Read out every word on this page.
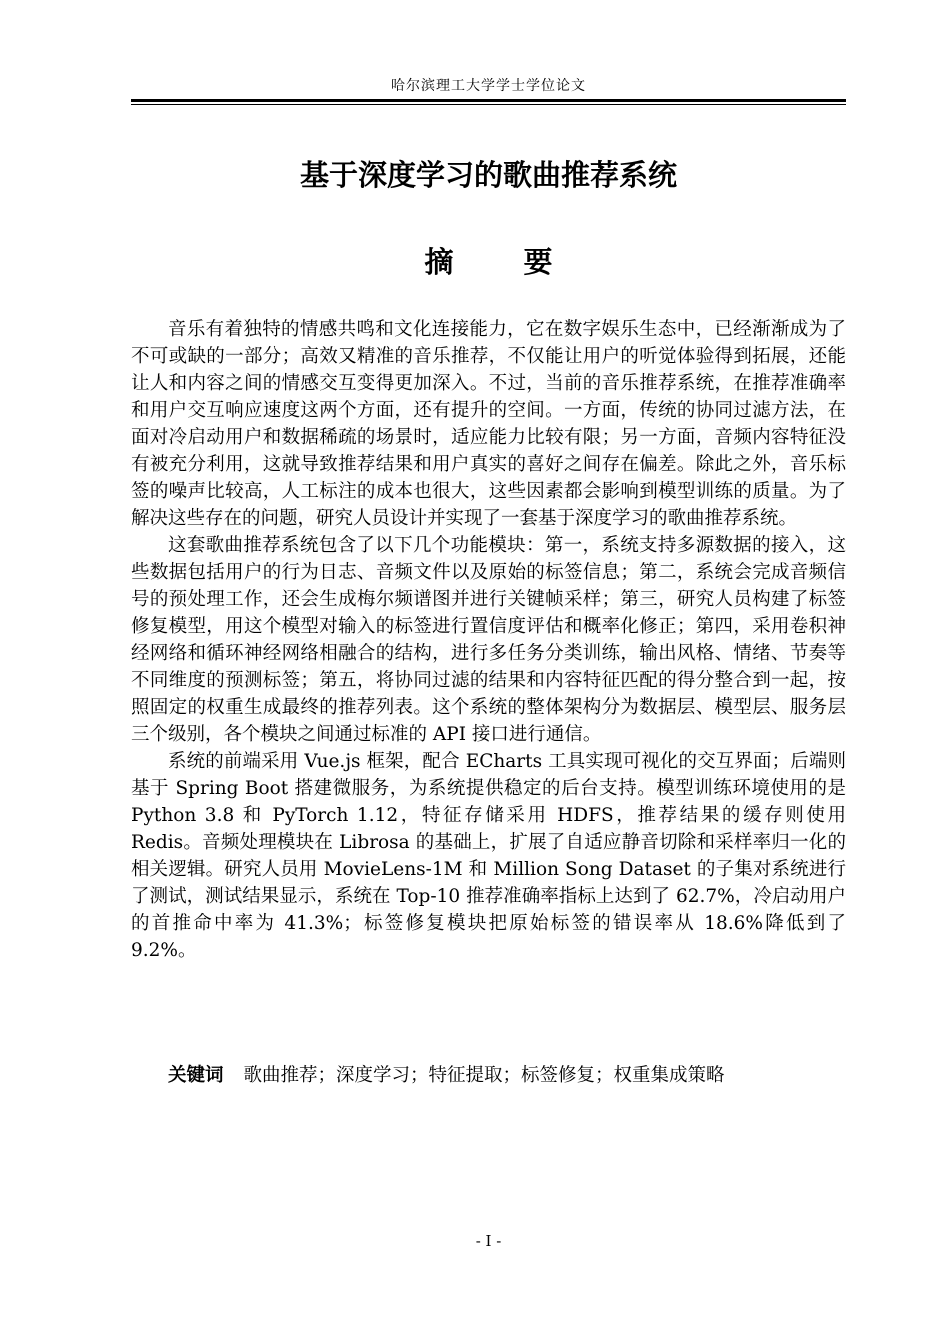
哈尔滨理工大学学士学位论文
基于深度学习的歌曲推荐系统
摘 要

音乐有着独特的情感共鸣和文化连接能力，它在数字娱乐生态中，已经渐渐成为了不可或缺的一部分；高效又精准的音乐推荐，不仅能让用户的听觉体验得到拓展，还能让人和内容之间的情感交互变得更加深入。不过，当前的音乐推荐系统，在推荐准确率和用户交互响应速度这两个方面，还有提升的空间。一方面，传统的协同过滤方法，在面对冷启动用户和数据稀疏的场景时，适应能力比较有限；另一方面，音频内容特征没有被充分利用，这就导致推荐结果和用户真实的喜好之间存在偏差。除此之外，音乐标签的噪声比较高，人工标注的成本也很大，这些因素都会影响到模型训练的质量。为了解决这些存在的问题，研究人员设计并实现了一套基于深度学习的歌曲推荐系统。

这套歌曲推荐系统包含了以下几个功能模块：第一，系统支持多源数据的接入，这些数据包括用户的行为日志、音频文件以及原始的标签信息；第二，系统会完成音频信号的预处理工作，还会生成梅尔频谱图并进行关键帧采样；第三，研究人员构建了标签修复模型，用这个模型对输入的标签进行置信度评估和概率化修正；第四，采用卷积神经网络和循环神经网络相融合的结构，进行多任务分类训练，输出风格、情绪、节奏等不同维度的预测标签；第五，将协同过滤的结果和内容特征匹配的得分整合到一起，按照固定的权重生成最终的推荐列表。这个系统的整体架构分为数据层、模型层、服务层三个级别，各个模块之间通过标准的 API 接口进行通信。

系统的前端采用 Vue.js 框架，配合 ECharts 工具实现可视化的交互界面；后端则基于 Spring Boot 搭建微服务，为系统提供稳定的后台支持。模型训练环境使用的是 Python 3.8 和 PyTorch 1.12，特征存储采用 HDFS，推荐结果的缓存则使用 Redis。音频处理模块在 Librosa 的基础上，扩展了自适应静音切除和采样率归一化的相关逻辑。研究人员用 MovieLens-1M 和 Million Song Dataset 的子集对系统进行了测试，测试结果显示，系统在 Top-10 推荐准确率指标上达到了 62.7%，冷启动用户的首推命中率为 41.3%；标签修复模块把原始标签的错误率从 18.6%降低到了 9.2%。

关键词 歌曲推荐；深度学习；特征提取；标签修复；权重集成策略
- I -
